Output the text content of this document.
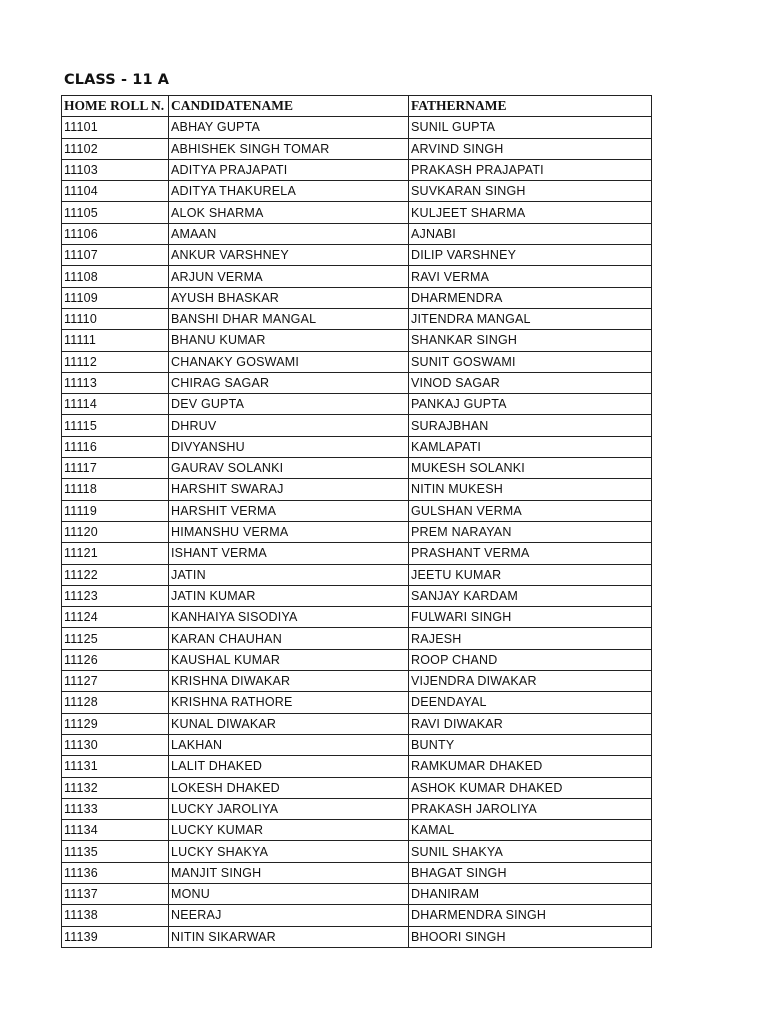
CLASS - 11 A
HOME ROLL N.	CANDIDATENAME	FATHERNAME
11101	ABHAY GUPTA	SUNIL GUPTA
11102	ABHISHEK SINGH TOMAR	ARVIND SINGH
11103	ADITYA PRAJAPATI	PRAKASH PRAJAPATI
11104	ADITYA THAKURELA	SUVKARAN SINGH
11105	ALOK SHARMA	KULJEET SHARMA
11106	AMAAN	AJNABI
11107	ANKUR VARSHNEY	DILIP VARSHNEY
11108	ARJUN VERMA	RAVI VERMA
11109	AYUSH BHASKAR	DHARMENDRA
11110	BANSHI DHAR MANGAL	JITENDRA MANGAL
11111	BHANU KUMAR	SHANKAR SINGH
11112	CHANAKY GOSWAMI	SUNIT GOSWAMI
11113	CHIRAG SAGAR	VINOD SAGAR
11114	DEV GUPTA	PANKAJ GUPTA
11115	DHRUV	SURAJBHAN
11116	DIVYANSHU	KAMLAPATI
11117	GAURAV SOLANKI	MUKESH SOLANKI
11118	HARSHIT SWARAJ	NITIN MUKESH
11119	HARSHIT VERMA	GULSHAN VERMA
11120	HIMANSHU VERMA	PREM NARAYAN
11121	ISHANT VERMA	PRASHANT VERMA
11122	JATIN	JEETU KUMAR
11123	JATIN KUMAR	SANJAY KARDAM
11124	KANHAIYA SISODIYA	FULWARI SINGH
11125	KARAN CHAUHAN	RAJESH
11126	KAUSHAL KUMAR	ROOP CHAND
11127	KRISHNA DIWAKAR	VIJENDRA DIWAKAR
11128	KRISHNA RATHORE	DEENDAYAL
11129	KUNAL DIWAKAR	RAVI DIWAKAR
11130	LAKHAN	BUNTY
11131	LALIT DHAKED	RAMKUMAR DHAKED
11132	LOKESH DHAKED	ASHOK KUMAR DHAKED
11133	LUCKY JAROLIYA	PRAKASH JAROLIYA
11134	LUCKY KUMAR	KAMAL
11135	LUCKY SHAKYA	SUNIL SHAKYA
11136	MANJIT SINGH	BHAGAT SINGH
11137	MONU	DHANIRAM
11138	NEERAJ	DHARMENDRA SINGH
11139	NITIN SIKARWAR	BHOORI SINGH
